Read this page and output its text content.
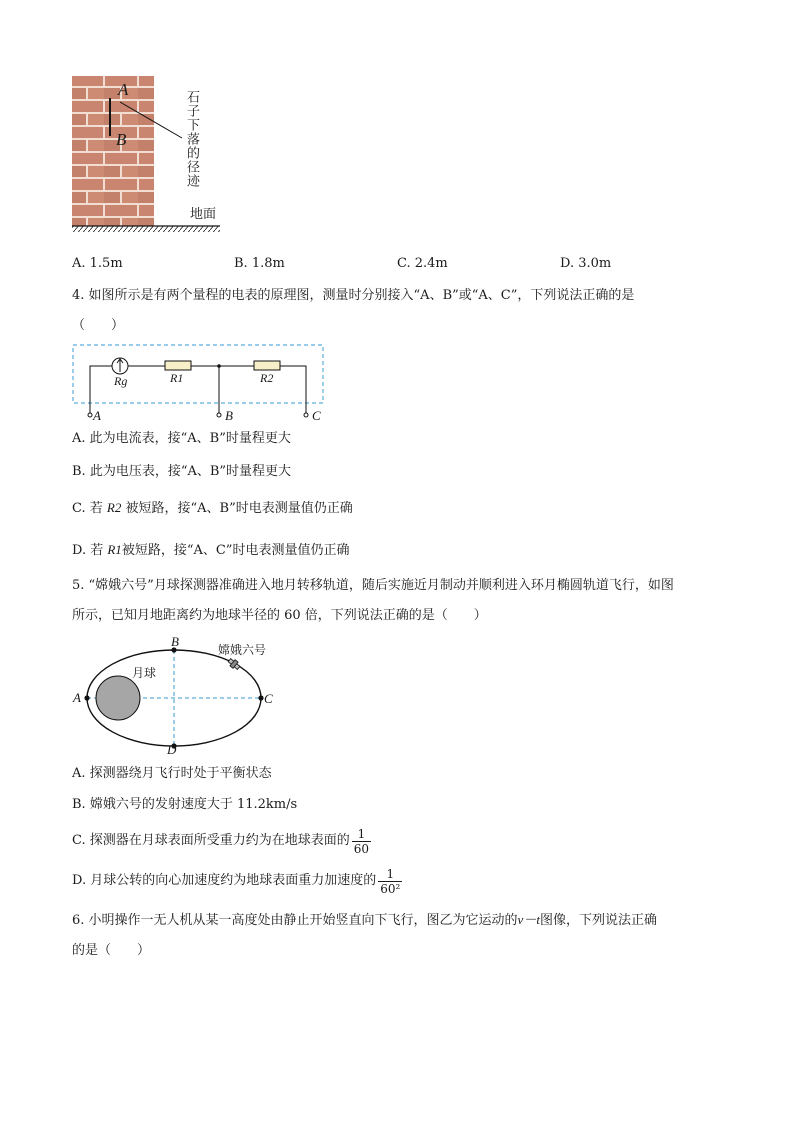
A
B	石子下落的径迹
地面
A. 1.5m	B. 1.8m	C. 2.4m	D. 3.0m
4. 如图所示是有两个量程的电表的原理图，测量时分别接入“A、B”或“A、C”，下列说法正确的是
（　　）
Rg	R1	R2
A	B	C
A. 此为电流表，接“A、B”时量程更大
B. 此为电压表，接“A、B”时量程更大
C. 若 R2 被短路，接“A、B”时电表测量值仍正确
D. 若 R1被短路，接“A、C”时电表测量值仍正确
5. “嫦娥六号”月球探测器准确进入地月转移轨道，随后实施近月制动并顺利进入环月椭圆轨道飞行，如图
所示，已知月地距离约为地球半径的 60 倍，下列说法正确的是（　　）
A
B
C
D
月球
嫦娥六号
A. 探测器绕月飞行时处于平衡状态
B. 嫦娥六号的发射速度大于 11.2km/s
C. 探测器在月球表面所受重力约为在地球表面的 $\frac{1}{60}$
D. 月球公转的向心加速度约为地球表面重力加速度的 $\frac{1}{\text{60²}}$
6. 小明操作一无人机从某一高度处由静止开始竖直向下飞行，图乙为它运动的v－t图像，下列说法正确
的是（　　）
